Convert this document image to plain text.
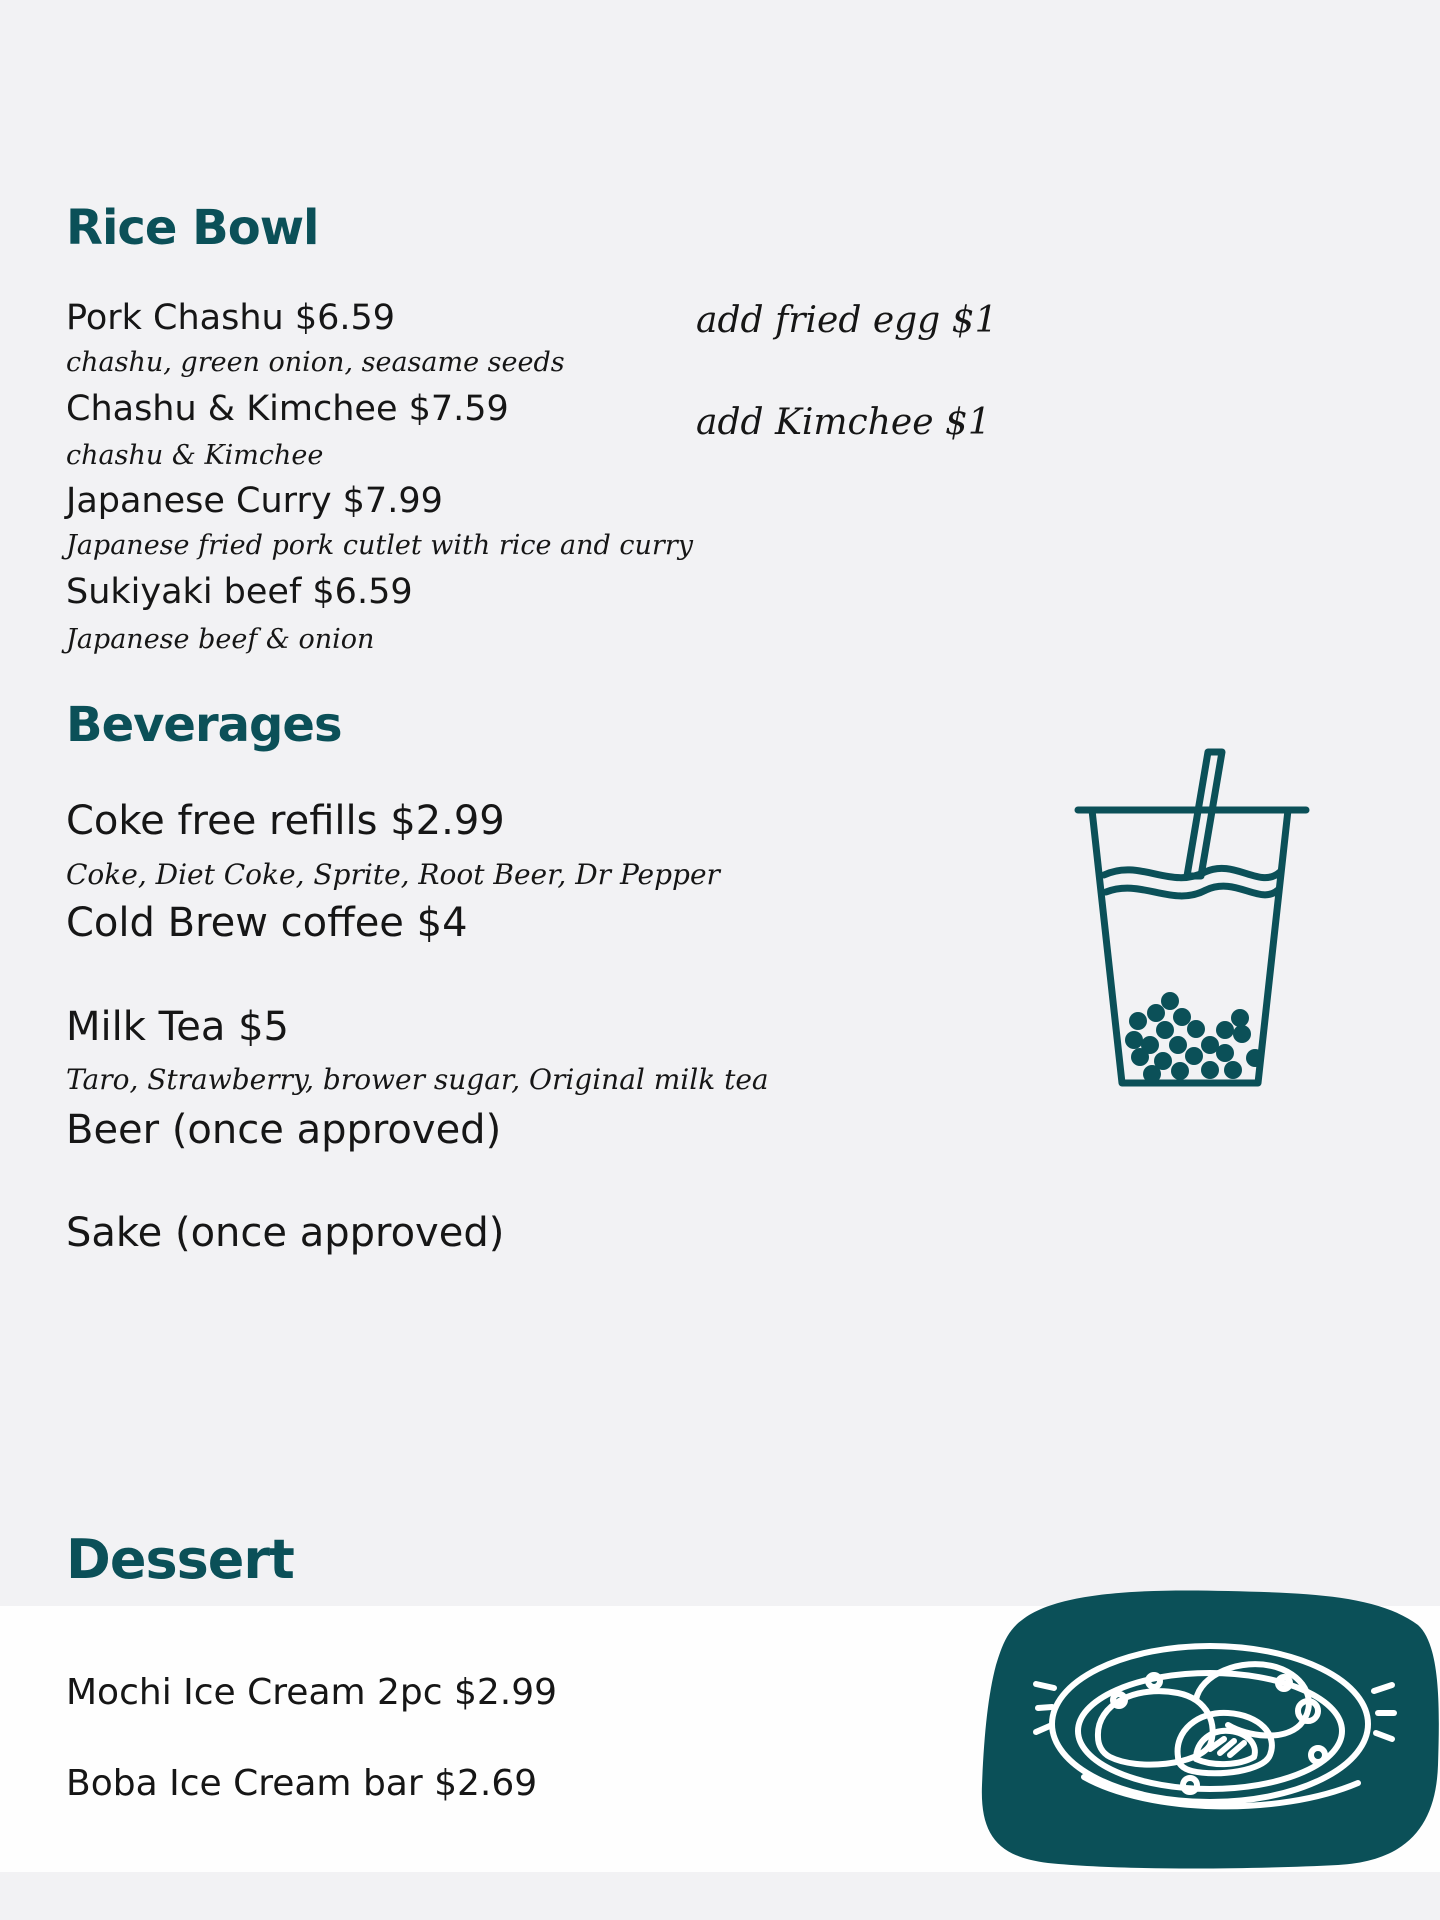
Rice Bowl

Pork Chashu $6.59

chashu, green onion, seasame seeds

Chashu & Kimchee $7.59

chashu & Kimchee

Japanese Curry $7.99

Japanese fried pork cutlet with rice and curry

Sukiyaki beef $6.59

Japanese beef & onion

add fried egg $1

add Kimchee $1

Beverages

Coke free refills $2.99

Coke, Diet Coke, Sprite, Root Beer, Dr Pepper

Cold Brew coffee $4

Milk Tea $5

Taro, Strawberry, brower sugar, Original milk tea

Beer (once approved)

Sake (once approved)

Dessert

Mochi Ice Cream 2pc $2.99

Boba Ice Cream bar $2.69
